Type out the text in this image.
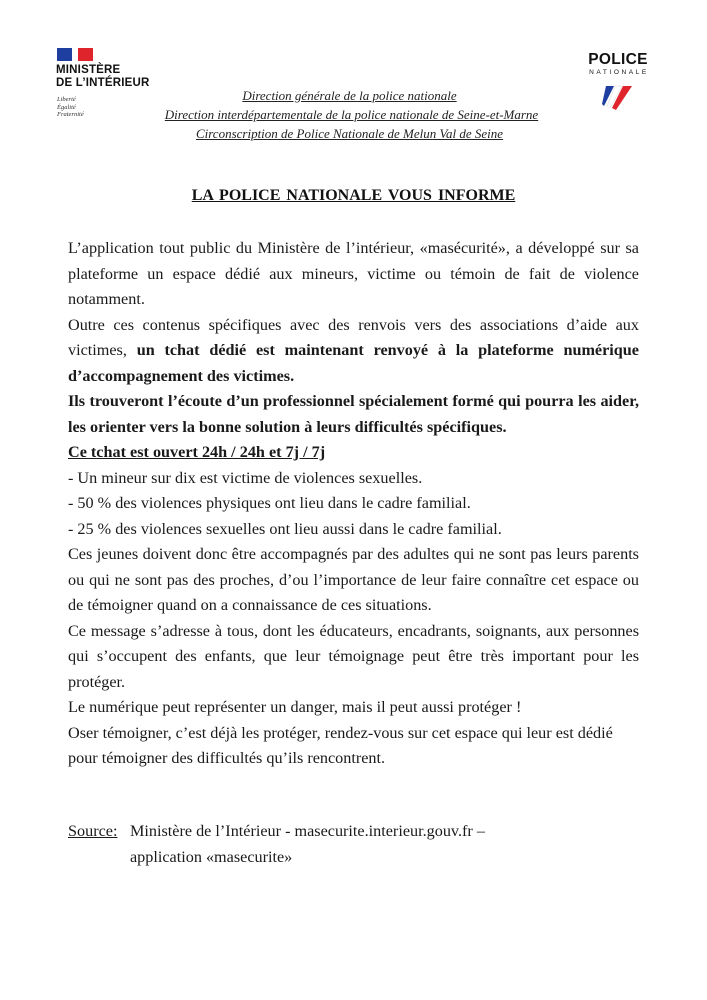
MINISTÈRE
DE L’INTÉRIEUR
Liberté
Égalité
Fraternité
POLICE
NATIONALE
Direction générale de la police nationale
Direction interdépartementale de la police nationale de Seine-et-Marne
Circonscription de Police Nationale de Melun Val de Seine
LA POLICE NATIONALE VOUS INFORME

L’application tout public du Ministère de l’intérieur, «masécurité», a développé sur sa plateforme un espace dédié aux mineurs, victime ou témoin de fait de violence notamment.

Outre ces contenus spécifiques avec des renvois vers des associations d’aide aux victimes, un tchat dédié est maintenant renvoyé à la plateforme numérique d’accompagnement des victimes.

Ils trouveront l’écoute d’un professionnel spécialement formé qui pourra les aider, les orienter vers la bonne solution à leurs difficultés spécifiques.

Ce tchat est ouvert 24h / 24h et 7j / 7j

- Un mineur sur dix est victime de violences sexuelles.

- 50 % des violences physiques ont lieu dans le cadre familial.

- 25 % des violences sexuelles ont lieu aussi dans le cadre familial.

Ces jeunes doivent donc être accompagnés par des adultes qui ne sont pas leurs parents ou qui ne sont pas des proches, d’ou l’importance de leur faire connaître cet espace ou de témoigner quand on a connaissance de ces situations.

Ce message s’adresse à tous, dont les éducateurs, encadrants, soignants, aux personnes qui s’occupent des enfants, que leur témoignage peut être très important pour les protéger.

Le numérique peut représenter un danger, mais il peut aussi protéger !

Oser témoigner, c’est déjà les protéger, rendez-vous sur cet espace qui leur est dédié pour témoigner des difficultés qu’ils rencontrent.

Source: Ministère de l’Intérieur - masecurite.interieur.gouv.fr –
application «masecurite»
